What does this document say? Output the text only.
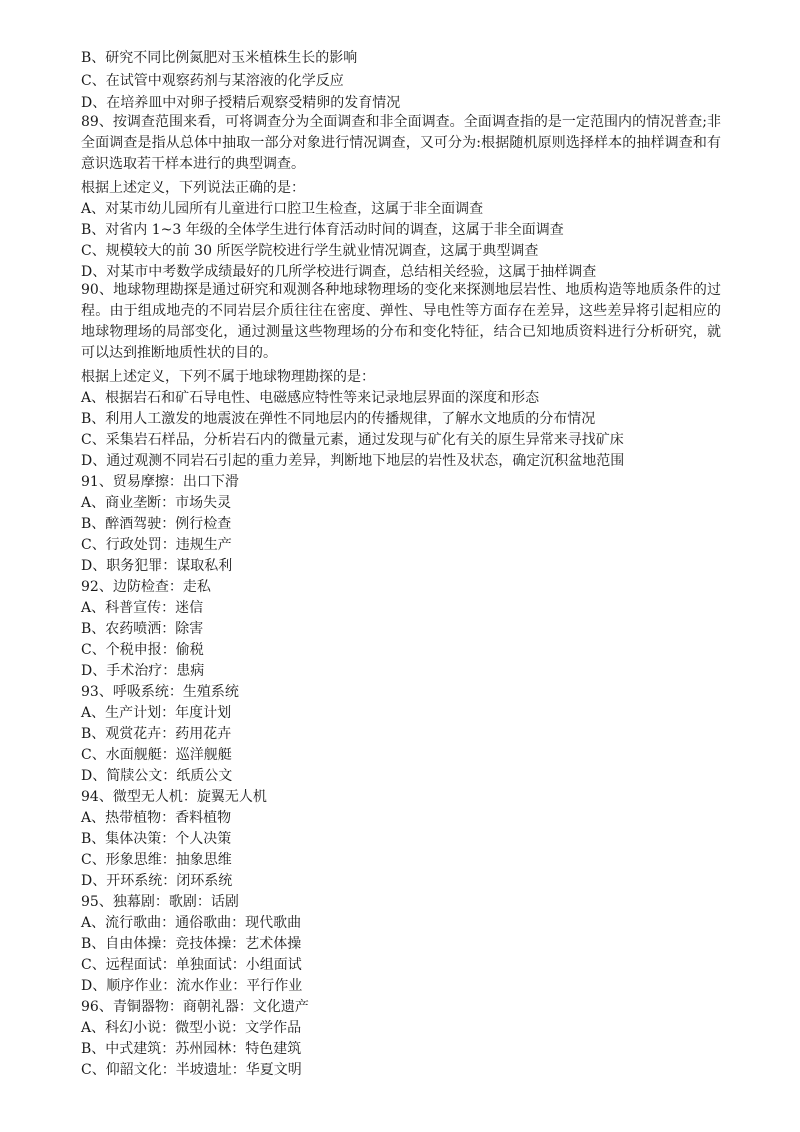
B、研究不同比例氮肥对玉米植株生长的影响
C、在试管中观察药剂与某溶液的化学反应
D、在培养皿中对卵子授精后观察受精卵的发育情况
89、按调查范围来看，可将调查分为全面调查和非全面调查。全面调查指的是一定范围内的情况普查;非全面调查是指从总体中抽取一部分对象进行情况调查，又可分为:根据随机原则选择样本的抽样调查和有意识选取若干样本进行的典型调查。
根据上述定义，下列说法正确的是：
A、对某市幼儿园所有儿童进行口腔卫生检查，这属于非全面调查
B、对省内 1~3 年级的全体学生进行体育活动时间的调查，这属于非全面调查
C、规模较大的前 30 所医学院校进行学生就业情况调查，这属于典型调查
D、对某市中考数学成绩最好的几所学校进行调查，总结相关经验，这属于抽样调查
90、地球物理勘探是通过研究和观测各种地球物理场的变化来探测地层岩性、地质构造等地质条件的过程。由于组成地壳的不同岩层介质往往在密度、弹性、导电性等方面存在差异，这些差异将引起相应的地球物理场的局部变化，通过测量这些物理场的分布和变化特征，结合已知地质资料进行分析研究，就可以达到推断地质性状的目的。
根据上述定义，下列不属于地球物理勘探的是：
A、根据岩石和矿石导电性、电磁感应特性等来记录地层界面的深度和形态
B、利用人工激发的地震波在弹性不同地层内的传播规律，了解水文地质的分布情况
C、采集岩石样品，分析岩石内的微量元素，通过发现与矿化有关的原生异常来寻找矿床
D、通过观测不同岩石引起的重力差异，判断地下地层的岩性及状态，确定沉积盆地范围
91、贸易摩擦：出口下滑
A、商业垄断：市场失灵
B、醉酒驾驶：例行检查
C、行政处罚：违规生产
D、职务犯罪：谋取私利
92、边防检查：走私
A、科普宣传：迷信
B、农药喷洒：除害
C、个税申报：偷税
D、手术治疗：患病
93、呼吸系统：生殖系统
A、生产计划：年度计划
B、观赏花卉：药用花卉
C、水面舰艇：巡洋舰艇
D、简牍公文：纸质公文
94、微型无人机：旋翼无人机
A、热带植物：香料植物
B、集体决策：个人决策
C、形象思维：抽象思维
D、开环系统：闭环系统
95、独幕剧：歌剧：话剧
A、流行歌曲：通俗歌曲：现代歌曲
B、自由体操：竞技体操：艺术体操
C、远程面试：单独面试：小组面试
D、顺序作业：流水作业：平行作业
96、青铜器物：商朝礼器：文化遗产
A、科幻小说：微型小说：文学作品
B、中式建筑：苏州园林：特色建筑
C、仰韶文化：半坡遗址：华夏文明
